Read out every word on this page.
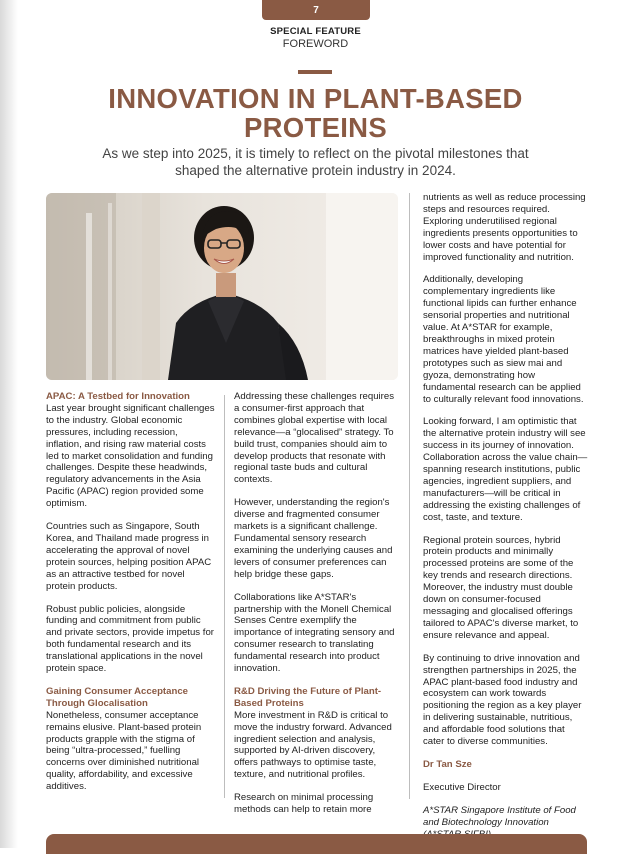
7
SPECIAL FEATURE
FOREWORD
INNOVATION IN PLANT-BASED PROTEINS

As we step into 2025, it is timely to reflect on the pivotal milestones that shaped the alternative protein industry in 2024.

APAC: A Testbed for Innovation

Last year brought significant challenges to the industry. Global economic pressures, including recession, inflation, and rising raw material costs led to market consolidation and funding challenges. Despite these headwinds, regulatory advancements in the Asia Pacific (APAC) region provided some optimism.

Countries such as Singapore, South Korea, and Thailand made progress in accelerating the approval of novel protein sources, helping position APAC as an attractive testbed for novel protein products.

Robust public policies, alongside funding and commitment from public and private sectors, provide impetus for both fundamental research and its translational applications in the novel protein space.

Gaining Consumer Acceptance Through Glocalisation

Nonetheless, consumer acceptance remains elusive. Plant-based protein products grapple with the stigma of being “ultra-processed,” fuelling concerns over diminished nutritional quality, affordability, and excessive additives.

Addressing these challenges requires a consumer-first approach that combines global expertise with local relevance—a “glocalised” strategy. To build trust, companies should aim to develop products that resonate with regional taste buds and cultural contexts.

However, understanding the region's diverse and fragmented consumer markets is a significant challenge. Fundamental sensory research examining the underlying causes and levers of consumer preferences can help bridge these gaps.

Collaborations like A*STAR's partnership with the Monell Chemical Senses Centre exemplify the importance of integrating sensory and consumer research to translating fundamental research into product innovation.

R&D Driving the Future of Plant-Based Proteins

More investment in R&D is critical to move the industry forward. Advanced ingredient selection and analysis, supported by AI-driven discovery, offers pathways to optimise taste, texture, and nutritional profiles.

Research on minimal processing methods can help to retain more

nutrients as well as reduce processing steps and resources required. Exploring underutilised regional ingredients presents opportunities to lower costs and have potential for improved functionality and nutrition.

Additionally, developing complementary ingredients like functional lipids can further enhance sensorial properties and nutritional value. At A*STAR for example, breakthroughs in mixed protein matrices have yielded plant-based prototypes such as siew mai and gyoza, demonstrating how fundamental research can be applied to culturally relevant food innovations.

Looking forward, I am optimistic that the alternative protein industry will see success in its journey of innovation. Collaboration across the value chain—spanning research institutions, public agencies, ingredient suppliers, and manufacturers—will be critical in addressing the existing challenges of cost, taste, and texture.

Regional protein sources, hybrid protein products and minimally processed proteins are some of the key trends and research directions. Moreover, the industry must double down on consumer-focused messaging and glocalised offerings tailored to APAC's diverse market, to ensure relevance and appeal.

By continuing to drive innovation and strengthen partnerships in 2025, the APAC plant-based food industry and ecosystem can work towards positioning the region as a key player in delivering sustainable, nutritious, and affordable food solutions that cater to diverse communities.

Dr Tan Sze

Executive Director

A*STAR Singapore Institute of Food and Biotechnology Innovation
